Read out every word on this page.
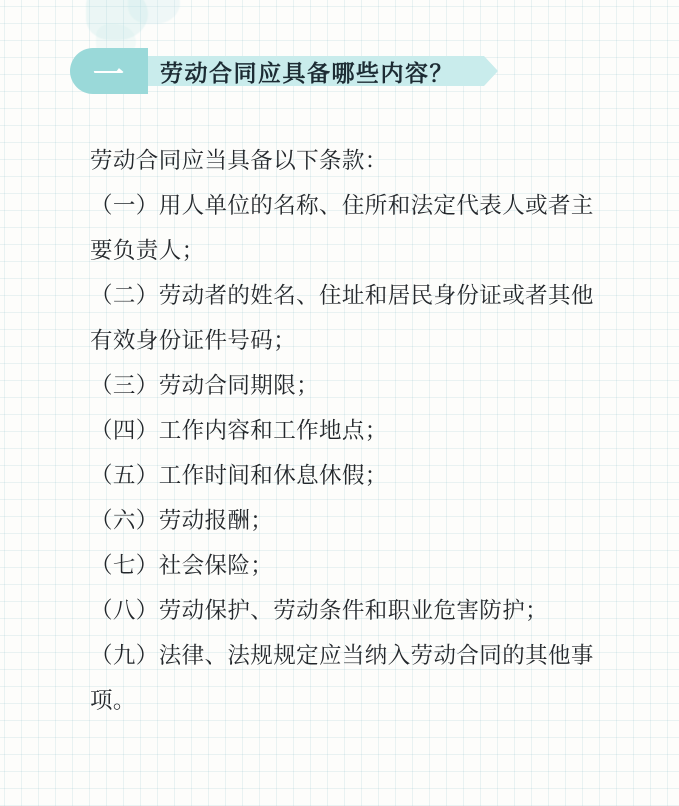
一 劳动合同应具备哪些内容？

劳动合同应当具备以下条款：

（一）用人单位的名称、住所和法定代表人或者主要负责人；

（二）劳动者的姓名、住址和居民身份证或者其他有效身份证件号码；

（三）劳动合同期限；

（四）工作内容和工作地点；

（五）工作时间和休息休假；

（六）劳动报酬；

（七）社会保险；

（八）劳动保护、劳动条件和职业危害防护；

（九）法律、法规规定应当纳入劳动合同的其他事项。
